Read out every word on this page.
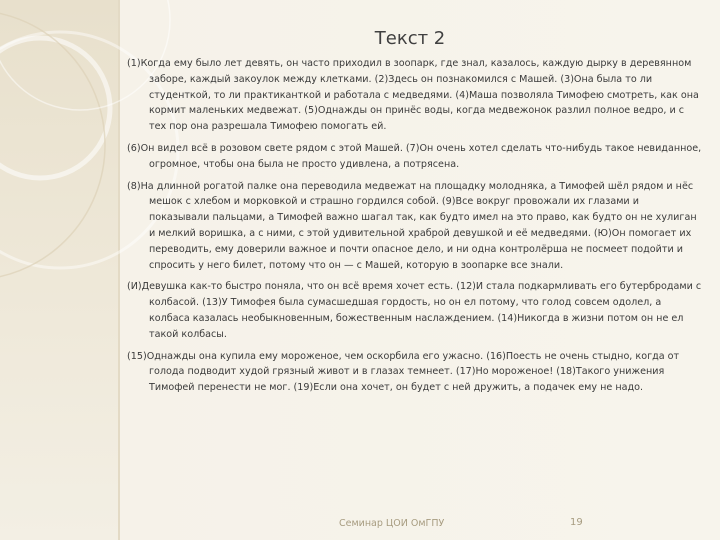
Текст 2

(1)Когда ему было лет девять, он часто приходил в зоопарк, где знал, казалось, каждую дырку в деревянном заборе, каждый закоулок между клетками. (2)Здесь он познакомился с Машей. (3)Она была то ли студенткой, то ли практиканткой и работала с медведями. (4)Маша позволяла Тимофею смотреть, как она кормит маленьких медвежат. (5)Однажды он принёс воды, когда медвежонок разлил полное ведро, и с тех пор она разрешала Тимофею помогать ей.

(6)Он видел всё в розовом свете рядом с этой Машей. (7)Он очень хотел сделать что-нибудь такое невиданное, огромное, чтобы она была не просто удивлена, а потрясена.

(8)На длинной рогатой палке она переводила медвежат на площадку молодняка, а Тимофей шёл рядом и нёс мешок с хлебом и морковкой и страшно гордился собой. (9)Все вокруг провожали их глазами и показывали пальцами, а Тимофей важно шагал так, как будто имел на это право, как будто он не хулиган и мелкий воришка, а с ними, с этой удивительной храброй девушкой и её медведями. (Ю)Он помогает их переводить, ему доверили важное и почти опасное дело, и ни одна контролёрша не посмеет подойти и спросить у него билет, потому что он — с Машей, которую в зоопарке все знали.

(И)Девушка как-то быстро поняла, что он всё время хочет есть. (12)И стала подкармливать его бутербродами с колбасой. (13)У Тимофея была сумасшедшая гордость, но он ел потому, что голод совсем одолел, а колбаса казалась необыкновенным, божественным наслаждением. (14)Никогда в жизни потом он не ел такой колбасы.

(15)Однажды она купила ему мороженое, чем оскорбила его ужасно. (16)Поесть не очень стыдно, когда от голода подводит худой грязный живот и в глазах темнеет. (17)Но мороженое! (18)Такого унижения Тимофей перенести не мог. (19)Если она хочет, он будет с ней дружить, а подачек ему не надо.

Семинар ЦОИ ОмГПУ	19
